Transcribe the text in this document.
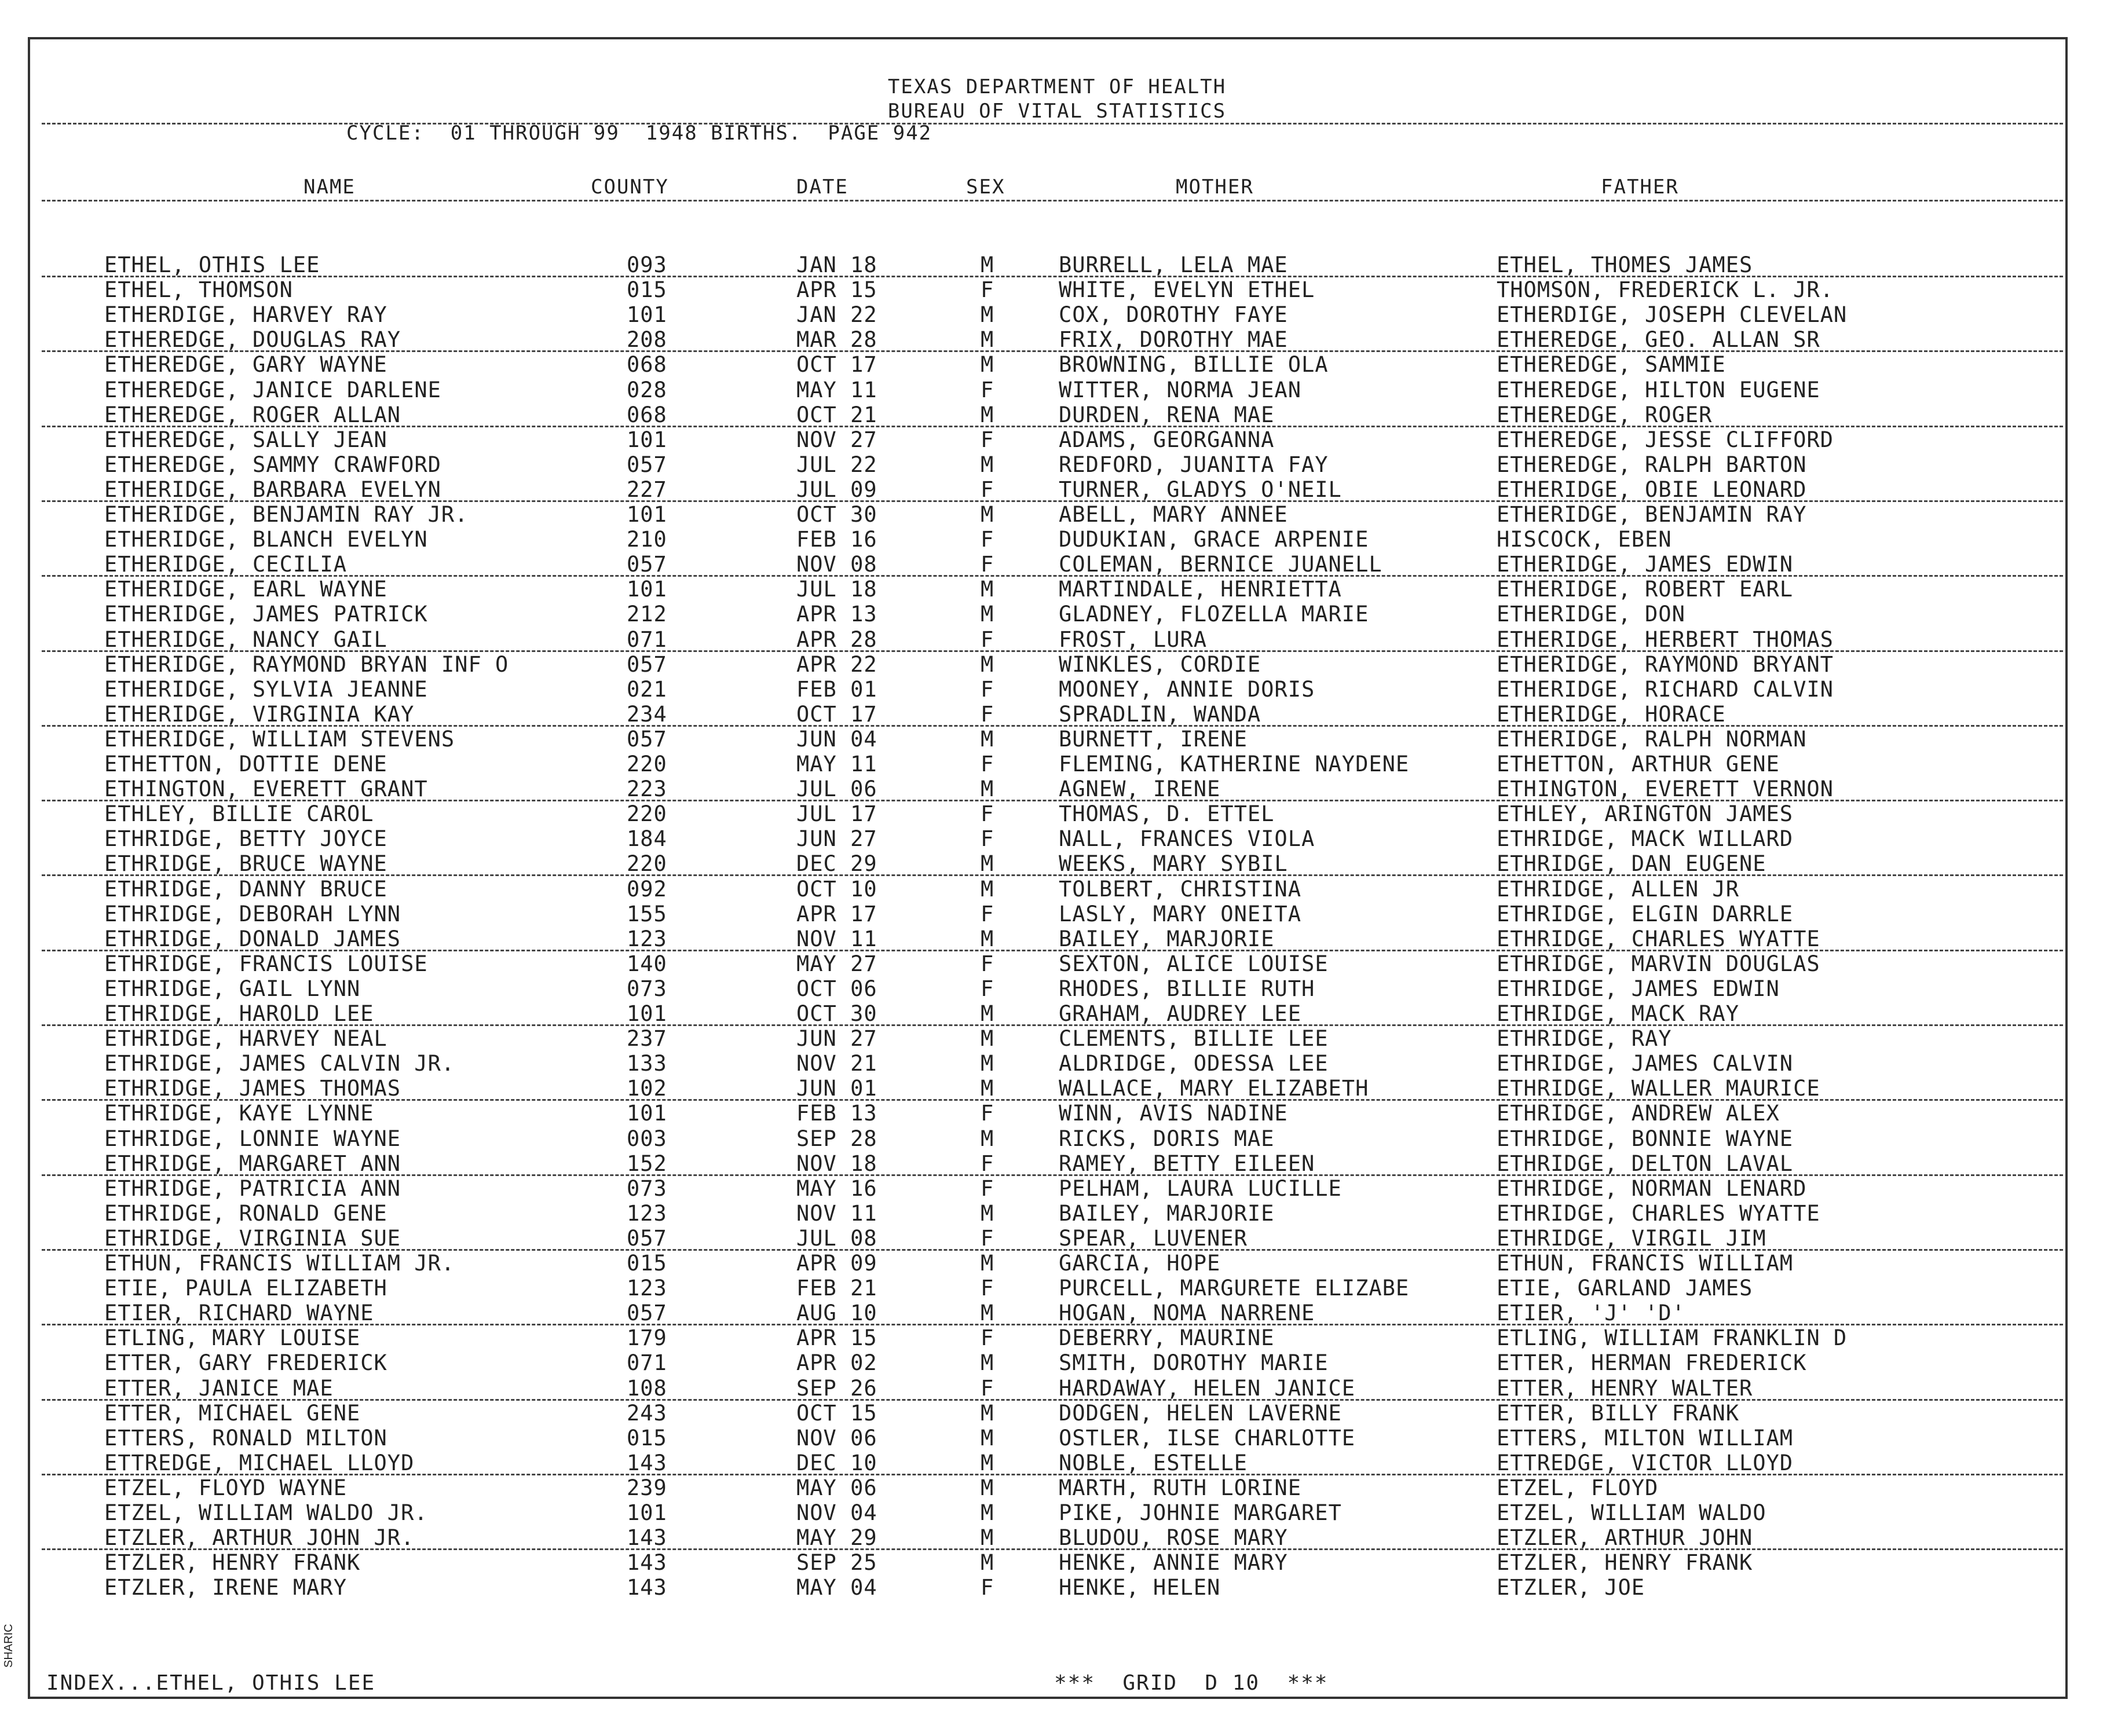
TEXAS DEPARTMENT OF HEALTH
BUREAU OF VITAL STATISTICS
CYCLE:  01 THROUGH 99  1948 BIRTHS.  PAGE 942
NAME	COUNTY	DATE	SEX	MOTHER	FATHER
ETHEL, OTHIS LEE	093	JAN 18	M	BURRELL, LELA MAE	ETHEL, THOMES JAMES
ETHEL, THOMSON	015	APR 15	F	WHITE, EVELYN ETHEL	THOMSON, FREDERICK L. JR.
ETHERDIGE, HARVEY RAY	101	JAN 22	M	COX, DOROTHY FAYE	ETHERDIGE, JOSEPH CLEVELAN
ETHEREDGE, DOUGLAS RAY	208	MAR 28	M	FRIX, DOROTHY MAE	ETHEREDGE, GEO. ALLAN SR
ETHEREDGE, GARY WAYNE	068	OCT 17	M	BROWNING, BILLIE OLA	ETHEREDGE, SAMMIE
ETHEREDGE, JANICE DARLENE	028	MAY 11	F	WITTER, NORMA JEAN	ETHEREDGE, HILTON EUGENE
ETHEREDGE, ROGER ALLAN	068	OCT 21	M	DURDEN, RENA MAE	ETHEREDGE, ROGER
ETHEREDGE, SALLY JEAN	101	NOV 27	F	ADAMS, GEORGANNA	ETHEREDGE, JESSE CLIFFORD
ETHEREDGE, SAMMY CRAWFORD	057	JUL 22	M	REDFORD, JUANITA FAY	ETHEREDGE, RALPH BARTON
ETHERIDGE, BARBARA EVELYN	227	JUL 09	F	TURNER, GLADYS O'NEIL	ETHERIDGE, OBIE LEONARD
ETHERIDGE, BENJAMIN RAY JR.	101	OCT 30	M	ABELL, MARY ANNEE	ETHERIDGE, BENJAMIN RAY
ETHERIDGE, BLANCH EVELYN	210	FEB 16	F	DUDUKIAN, GRACE ARPENIE	HISCOCK, EBEN
ETHERIDGE, CECILIA	057	NOV 08	F	COLEMAN, BERNICE JUANELL	ETHERIDGE, JAMES EDWIN
ETHERIDGE, EARL WAYNE	101	JUL 18	M	MARTINDALE, HENRIETTA	ETHERIDGE, ROBERT EARL
ETHERIDGE, JAMES PATRICK	212	APR 13	M	GLADNEY, FLOZELLA MARIE	ETHERIDGE, DON
ETHERIDGE, NANCY GAIL	071	APR 28	F	FROST, LURA	ETHERIDGE, HERBERT THOMAS
ETHERIDGE, RAYMOND BRYAN INF O	057	APR 22	M	WINKLES, CORDIE	ETHERIDGE, RAYMOND BRYANT
ETHERIDGE, SYLVIA JEANNE	021	FEB 01	F	MOONEY, ANNIE DORIS	ETHERIDGE, RICHARD CALVIN
ETHERIDGE, VIRGINIA KAY	234	OCT 17	F	SPRADLIN, WANDA	ETHERIDGE, HORACE
ETHERIDGE, WILLIAM STEVENS	057	JUN 04	M	BURNETT, IRENE	ETHERIDGE, RALPH NORMAN
ETHETTON, DOTTIE DENE	220	MAY 11	F	FLEMING, KATHERINE NAYDENE	ETHETTON, ARTHUR GENE
ETHINGTON, EVERETT GRANT	223	JUL 06	M	AGNEW, IRENE	ETHINGTON, EVERETT VERNON
ETHLEY, BILLIE CAROL	220	JUL 17	F	THOMAS, D. ETTEL	ETHLEY, ARINGTON JAMES
ETHRIDGE, BETTY JOYCE	184	JUN 27	F	NALL, FRANCES VIOLA	ETHRIDGE, MACK WILLARD
ETHRIDGE, BRUCE WAYNE	220	DEC 29	M	WEEKS, MARY SYBIL	ETHRIDGE, DAN EUGENE
ETHRIDGE, DANNY BRUCE	092	OCT 10	M	TOLBERT, CHRISTINA	ETHRIDGE, ALLEN JR
ETHRIDGE, DEBORAH LYNN	155	APR 17	F	LASLY, MARY ONEITA	ETHRIDGE, ELGIN DARRLE
ETHRIDGE, DONALD JAMES	123	NOV 11	M	BAILEY, MARJORIE	ETHRIDGE, CHARLES WYATTE
ETHRIDGE, FRANCIS LOUISE	140	MAY 27	F	SEXTON, ALICE LOUISE	ETHRIDGE, MARVIN DOUGLAS
ETHRIDGE, GAIL LYNN	073	OCT 06	F	RHODES, BILLIE RUTH	ETHRIDGE, JAMES EDWIN
ETHRIDGE, HAROLD LEE	101	OCT 30	M	GRAHAM, AUDREY LEE	ETHRIDGE, MACK RAY
ETHRIDGE, HARVEY NEAL	237	JUN 27	M	CLEMENTS, BILLIE LEE	ETHRIDGE, RAY
ETHRIDGE, JAMES CALVIN JR.	133	NOV 21	M	ALDRIDGE, ODESSA LEE	ETHRIDGE, JAMES CALVIN
ETHRIDGE, JAMES THOMAS	102	JUN 01	M	WALLACE, MARY ELIZABETH	ETHRIDGE, WALLER MAURICE
ETHRIDGE, KAYE LYNNE	101	FEB 13	F	WINN, AVIS NADINE	ETHRIDGE, ANDREW ALEX
ETHRIDGE, LONNIE WAYNE	003	SEP 28	M	RICKS, DORIS MAE	ETHRIDGE, BONNIE WAYNE
ETHRIDGE, MARGARET ANN	152	NOV 18	F	RAMEY, BETTY EILEEN	ETHRIDGE, DELTON LAVAL
ETHRIDGE, PATRICIA ANN	073	MAY 16	F	PELHAM, LAURA LUCILLE	ETHRIDGE, NORMAN LENARD
ETHRIDGE, RONALD GENE	123	NOV 11	M	BAILEY, MARJORIE	ETHRIDGE, CHARLES WYATTE
ETHRIDGE, VIRGINIA SUE	057	JUL 08	F	SPEAR, LUVENER	ETHRIDGE, VIRGIL JIM
ETHUN, FRANCIS WILLIAM JR.	015	APR 09	M	GARCIA, HOPE	ETHUN, FRANCIS WILLIAM
ETIE, PAULA ELIZABETH	123	FEB 21	F	PURCELL, MARGURETE ELIZABE	ETIE, GARLAND JAMES
ETIER, RICHARD WAYNE	057	AUG 10	M	HOGAN, NOMA NARRENE	ETIER, 'J' 'D'
ETLING, MARY LOUISE	179	APR 15	F	DEBERRY, MAURINE	ETLING, WILLIAM FRANKLIN D
ETTER, GARY FREDERICK	071	APR 02	M	SMITH, DOROTHY MARIE	ETTER, HERMAN FREDERICK
ETTER, JANICE MAE	108	SEP 26	F	HARDAWAY, HELEN JANICE	ETTER, HENRY WALTER
ETTER, MICHAEL GENE	243	OCT 15	M	DODGEN, HELEN LAVERNE	ETTER, BILLY FRANK
ETTERS, RONALD MILTON	015	NOV 06	M	OSTLER, ILSE CHARLOTTE	ETTERS, MILTON WILLIAM
ETTREDGE, MICHAEL LLOYD	143	DEC 10	M	NOBLE, ESTELLE	ETTREDGE, VICTOR LLOYD
ETZEL, FLOYD WAYNE	239	MAY 06	M	MARTH, RUTH LORINE	ETZEL, FLOYD
ETZEL, WILLIAM WALDO JR.	101	NOV 04	M	PIKE, JOHNIE MARGARET	ETZEL, WILLIAM WALDO
ETZLER, ARTHUR JOHN JR.	143	MAY 29	M	BLUDOU, ROSE MARY	ETZLER, ARTHUR JOHN
ETZLER, HENRY FRANK	143	SEP 25	M	HENKE, ANNIE MARY	ETZLER, HENRY FRANK
ETZLER, IRENE MARY	143	MAY 04	F	HENKE, HELEN	ETZLER, JOE
INDEX...ETHEL, OTHIS LEE	***  GRID  D 10  ***
SHARIC
